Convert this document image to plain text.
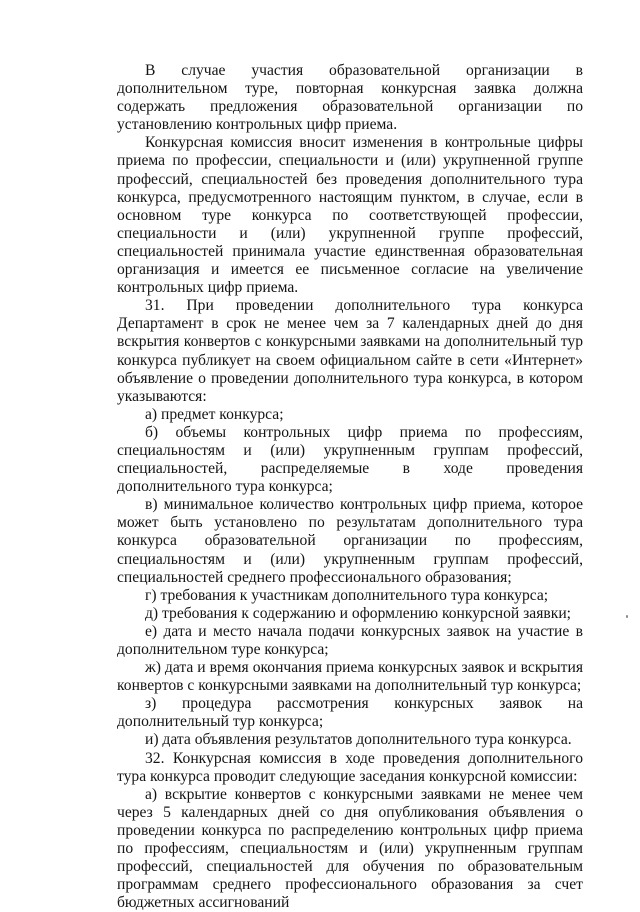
В случае участия образовательной организации в дополнительном туре, повторная конкурсная заявка должна содержать предложения образовательной организации по установлению контрольных цифр приема.

Конкурсная комиссия вносит изменения в контрольные цифры приема по профессии, специальности и (или) укрупненной группе профессий, специальностей без проведения дополнительного тура конкурса, предусмотренного настоящим пунктом, в случае, если в основном туре конкурса по соответствующей профессии, специальности и (или) укрупненной группе профессий, специальностей принимала участие единственная образовательная организация и имеется ее письменное согласие на увеличение контрольных цифр приема.

31. При проведении дополнительного тура конкурса Департамент в срок не менее чем за 7 календарных дней до дня вскрытия конвертов с конкурсными заявками на дополнительный тур конкурса публикует на своем официальном сайте в сети «Интернет» объявление о проведении дополнительного тура конкурса, в котором указываются:

а) предмет конкурса;

б) объемы контрольных цифр приема по профессиям, специальностям и (или) укрупненным группам профессий, специальностей, распределяемые в ходе проведения дополнительного тура конкурса;

в) минимальное количество контрольных цифр приема, которое может быть установлено по результатам дополнительного тура конкурса образовательной организации по профессиям, специальностям и (или) укрупненным группам профессий, специальностей среднего профессионального образования;

г) требования к участникам дополнительного тура конкурса;

д) требования к содержанию и оформлению конкурсной заявки;

е) дата и место начала подачи конкурсных заявок на участие в дополнительном туре конкурса;

ж) дата и время окончания приема конкурсных заявок и вскрытия конвертов с конкурсными заявками на дополнительный тур конкурса;

з) процедура рассмотрения конкурсных заявок на дополнительный тур конкурса;

и) дата объявления результатов дополнительного тура конкурса.

32. Конкурсная комиссия в ходе проведения дополнительного тура конкурса проводит следующие заседания конкурсной комиссии:

а) вскрытие конвертов с конкурсными заявками не менее чем через 5 календарных дней со дня опубликования объявления о проведении конкурса по распределению контрольных цифр приема по профессиям, специальностям и (или) укрупненным группам профессий, специальностей для обучения по образовательным программам среднего профессионального образования за счет бюджетных ассигнований
